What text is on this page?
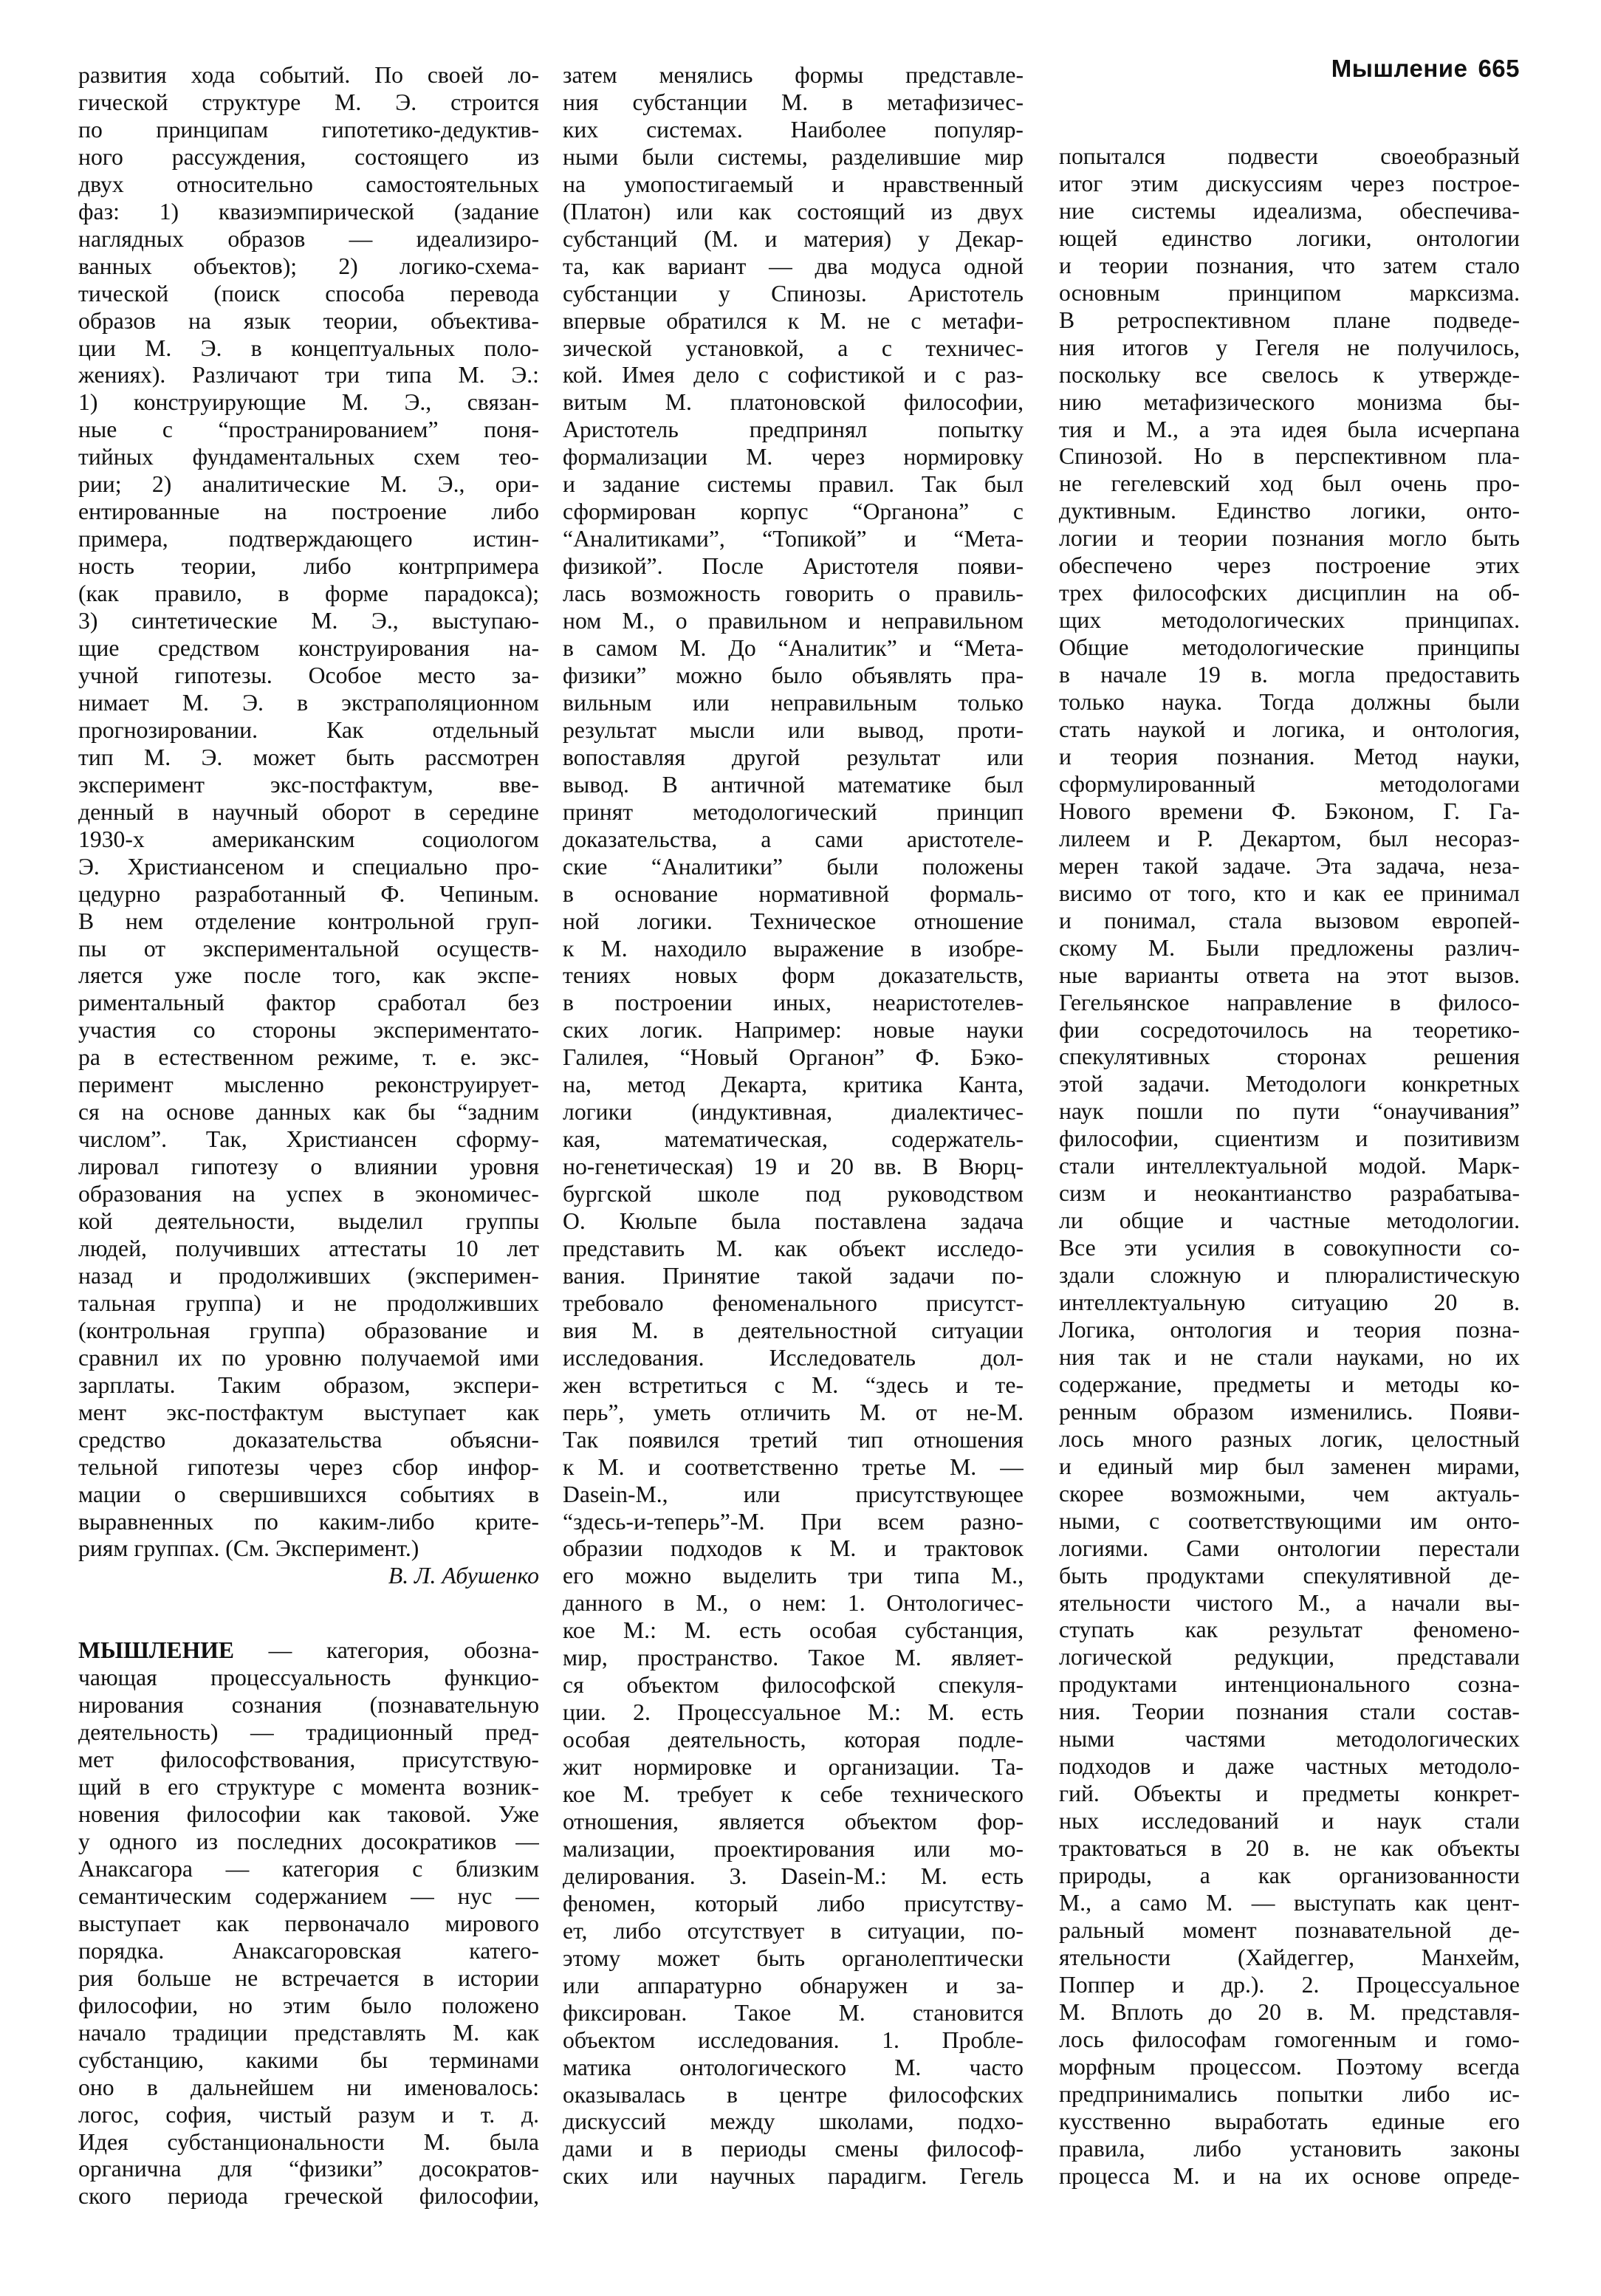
Мышление 665
развития хода событий. По своей ло-
гической структуре М. Э. строится
по принципам гипотетико-дедуктив-
ного рассуждения, состоящего из
двух относительно самостоятельных
фаз: 1) квазиэмпирической (задание
наглядных образов — идеализиро-
ванных объектов); 2) логико-схема-
тической (поиск способа перевода
образов на язык теории, объективa-
ции М. Э. в концептуальных поло-
жениях). Различают три типа М. Э.:
1) конструирующие М. Э., связан-
ные с “пространированием” поня-
тийных фундаментальных схем тео-
рии; 2) аналитические М. Э., ори-
ентированные на построение либо
примера, подтверждающего истин-
ность теории, либо контрпримера
(как правило, в форме парадокса);
3) синтетические М. Э., выступаю-
щие средством конструирования на-
учной гипотезы. Особое место за-
нимает М. Э. в экстраполяционном
прогнозировании. Как отдельный
тип М. Э. может быть рассмотрен
эксперимент экс-постфактум, вве-
денный в научный оборот в середине
1930-х американским социологом
Э. Христиансеном и специально про-
цедурно разработанный Ф. Чепиным.
В нем отделение контрольной груп-
пы от экспериментальной осуществ-
ляется уже после того, как экспе-
риментальный фактор сработал без
участия со стороны экспериментато-
ра в естественном режиме, т. е. экс-
перимент мысленно реконструирует-
ся на основе данных как бы “задним
числом”. Так, Христиансен сформу-
лировал гипотезу о влиянии уровня
образования на успех в экономичес-
кой деятельности, выделил группы
людей, получивших аттестаты 10 лет
назад и продолживших (эксперимен-
тальная группа) и не продолживших
(контрольная группа) образование и
сравнил их по уровню получаемой ими
зарплаты. Таким образом, экспери-
мент экс-постфактум выступает как
средство доказательства объясни-
тельной гипотезы через сбор инфор-
мации о свершившихся событиях в
выравненных по каким-либо крите-
риям группах. (См. Эксперимент.)
В. Л. Абушенко
МЫШЛЕНИЕ — категория, обозна-
чающая процессуальность функцио-
нирования сознания (познавательную
деятельность) — традиционный пред-
мет философствования, присутствую-
щий в его структуре с момента возник-
новения философии как таковой. Уже
у одного из последних досократиков —
Анаксагора — категория с близким
семантическим содержанием — нус —
выступает как первоначало мирового
порядка. Анаксагоровская катего-
рия больше не встречается в истории
философии, но этим было положено
начало традиции представлять М. как
субстанцию, какими бы терминами
оно в дальнейшем ни именовалось:
логос, софия, чистый разум и т. д.
Идея субстанциональности М. была
органична для “физики” досократов-
ского периода греческой философии,
затем менялись формы представле-
ния субстанции М. в метафизичес-
ких системах. Наиболее популяр-
ными были системы, разделившие мир
на умопостигаемый и нравственный
(Платон) или как состоящий из двух
субстанций (М. и материя) у Декар-
та, как вариант — два модуса одной
субстанции у Спинозы. Аристотель
впервые обратился к М. не с метафи-
зической установкой, а с техничес-
кой. Имея дело с софистикой и с раз-
витым М. платоновской философии,
Аристотель предпринял попытку
формализации М. через нормировку
и задание системы правил. Так был
сформирован корпус “Органона” с
“Аналитиками”, “Топикой” и “Мета-
физикой”. После Аристотеля появи-
лась возможность говорить о правиль-
ном М., о правильном и неправильном
в самом М. До “Аналитик” и “Мета-
физики” можно было объявлять пра-
вильным или неправильным только
результат мысли или вывод, проти-
вопоставляя другой результат или
вывод. В античной математике был
принят методологический принцип
доказательства, а сами аристотеле-
ские “Аналитики” были положены
в основание нормативной формаль-
ной логики. Техническое отношение
к М. находило выражение в изобре-
тениях новых форм доказательств,
в построении иных, неаристотелев-
ских логик. Например: новые науки
Галилея, “Новый Органон” Ф. Бэко-
на, метод Декарта, критика Канта,
логики (индуктивная, диалектичес-
кая, математическая, содержатель-
но-генетическая) 19 и 20 вв. В Вюрц-
бургской школе под руководством
О. Кюльпе была поставлена задача
представить М. как объект исследо-
вания. Принятие такой задачи по-
требовало феноменального присутст-
вия М. в деятельностной ситуации
исследования. Исследователь дол-
жен встретиться с М. “здесь и те-
перь”, уметь отличить М. от не-М.
Так появился третий тип отношения
к М. и соответственно третье М. —
Dasein-М., или присутствующее
“здесь-и-теперь”-М. При всем разно-
образии подходов к М. и трактовок
его можно выделить три типа М.,
данного в М., о нем: 1. Онтологичес-
кое М.: М. есть особая субстанция,
мир, пространство. Такое М. являет-
ся объектом философской спекуля-
ции. 2. Процессуальное М.: М. есть
особая деятельность, которая подле-
жит нормировке и организации. Та-
кое М. требует к себе технического
отношения, является объектом фор-
мализации, проектирования или мо-
делирования. 3. Dasein-М.: М. есть
феномен, который либо присутству-
ет, либо отсутствует в ситуации, по-
этому может быть органолептически
или аппаратурно обнаружен и за-
фиксирован. Такое М. становится
объектом исследования. 1. Пробле-
матика онтологического М. часто
оказывалась в центре философских
дискуссий между школами, подхо-
дами и в периоды смены философ-
ских или научных парадигм. Гегель
попытался подвести своеобразный
итог этим дискуссиям через построе-
ние системы идеализма, обеспечива-
ющей единство логики, онтологии
и теории познания, что затем стало
основным принципом марксизма.
В ретроспективном плане подведе-
ния итогов у Гегеля не получилось,
поскольку все свелось к утвержде-
нию метафизического монизма бы-
тия и М., а эта идея была исчерпана
Спинозой. Но в перспективном пла-
не гегелевский ход был очень про-
дуктивным. Единство логики, онто-
логии и теории познания могло быть
обеспечено через построение этих
трех философских дисциплин на об-
щих методологических принципах.
Общие методологические принципы
в начале 19 в. могла предоставить
только наука. Тогда должны были
стать наукой и логика, и онтология,
и теория познания. Метод науки,
сформулированный методологами
Нового времени Ф. Бэконом, Г. Га-
лилеем и Р. Декартом, был несораз-
мерен такой задаче. Эта задача, неза-
висимо от того, кто и как ее принимал
и понимал, стала вызовом европей-
скому М. Были предложены различ-
ные варианты ответа на этот вызов.
Гегельянское направление в филосо-
фии сосредоточилось на теоретико-
спекулятивных сторонах решения
этой задачи. Методологи конкретных
наук пошли по пути “онаучивания”
философии, сциентизм и позитивизм
стали интеллектуальной модой. Марк-
сизм и неокантианство разрабатыва-
ли общие и частные методологии.
Все эти усилия в совокупности со-
здали сложную и плюралистическую
интеллектуальную ситуацию 20 в.
Логика, онтология и теория позна-
ния так и не стали науками, но их
содержание, предметы и методы ко-
ренным образом изменились. Появи-
лось много разных логик, целостный
и единый мир был заменен мирами,
скорее возможными, чем актуаль-
ными, с соответствующими им онто-
логиями. Сами онтологии перестали
быть продуктами спекулятивной де-
ятельности чистого М., а начали вы-
ступать как результат феномено-
логической редукции, представали
продуктами интенционального созна-
ния. Теории познания стали состав-
ными частями методологических
подходов и даже частных методоло-
гий. Объекты и предметы конкрет-
ных исследований и наук стали
трактоваться в 20 в. не как объекты
природы, а как организованности
М., а само М. — выступать как цент-
ральный момент познавательной де-
ятельности (Хайдеггер, Манхейм,
Поппер и др.). 2. Процессуальное
М. Вплоть до 20 в. М. представля-
лось философам гомогенным и гомо-
морфным процессом. Поэтому всегда
предпринимались попытки либо ис-
кусственно выработать единые его
правила, либо установить законы
процесса М. и на их основе опреде-
